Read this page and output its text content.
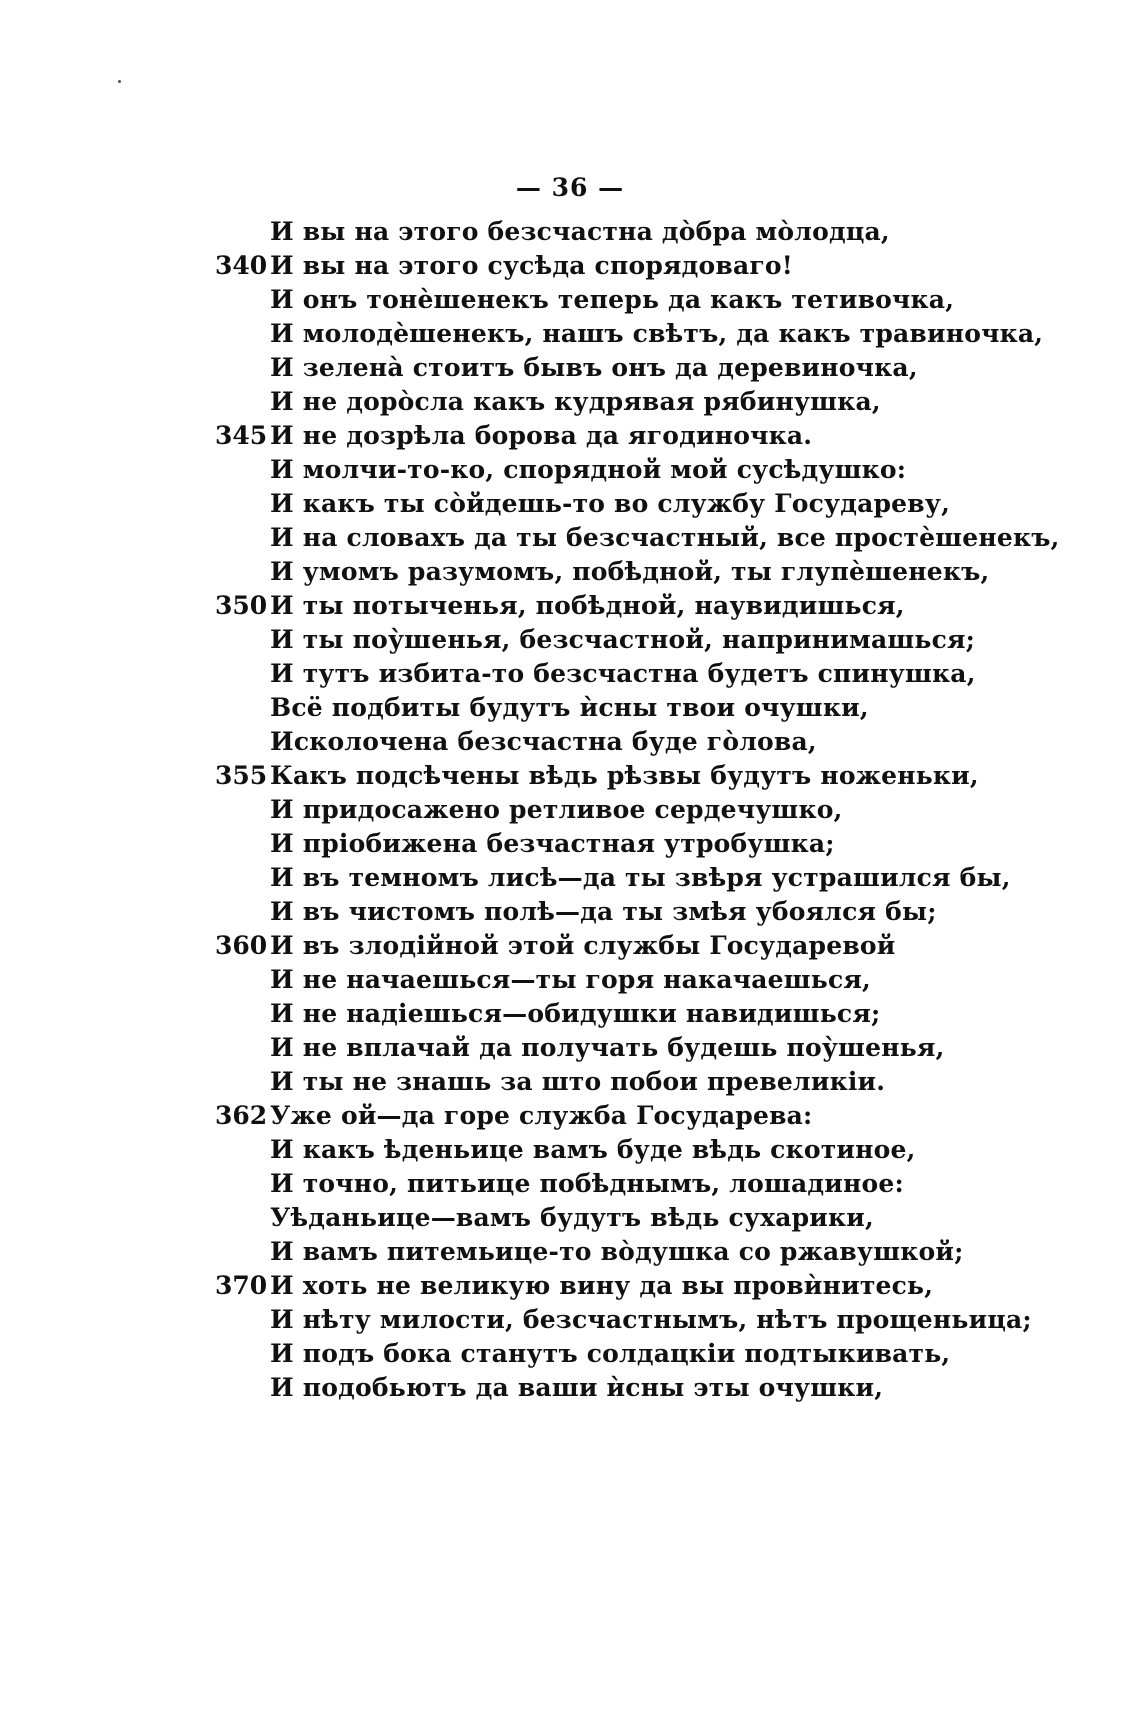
— 36 —
И вы на этого безсчастна дòбра мòлодца,
340 И вы на этого сусѣда спорядоваго!
И онъ тонѐшенекъ теперь да какъ тетивочка,
И молодѐшенекъ, нашъ свѣтъ, да какъ травиночка,
И зеленà стоитъ бывъ онъ да деревиночка,
И не дорòсла какъ кудрявая рябинушка,
345 И не дозрѣла борова да ягодиночка.
И молчи-то-ко, спорядной мой сусѣдушко:
И какъ ты сòйдешь-то во службу Государеву,
И на словахъ да ты безсчастный, все простѐшенекъ,
И умомъ разумомъ, побѣдной, ты глупѐшенекъ,
350 И ты потыченья, побѣдной, наувидишься,
И ты поу̀шенья, безсчастной, напринимашься;
И тутъ избита-то безсчастна будетъ спинушка,
Всё подбиты будутъ ѝсны твои очушки,
Исколочена безсчастна буде гòлова,
355 Какъ подсѣчены вѣдь рѣзвы будутъ ноженьки,
И придосажено ретливое сердечушко,
И пріобижена безчастная утробушка;
И въ темномъ лисѣ—да ты звѣря устрашился бы,
И въ чистомъ полѣ—да ты змѣя убоялся бы;
360 И въ злодійной этой службы Государевой
И не начаешься—ты горя накачаешься,
И не надіешься—обидушки навидишься;
И не вплачай да получать будешь поу̀шенья,
И ты не знашь за што побои превеликіи.
362 Уже ой—да горе служба Государева:
И какъ ѣденьице вамъ буде вѣдь скотиное,
И точно, питьице побѣднымъ, лошадиное:
Уѣданьице—вамъ будутъ вѣдь сухарики,
И вамъ питемьице-то вòдушка со ржавушкой;
370 И хоть не великую вину да вы провѝнитесь,
И нѣту милости, безсчастнымъ, нѣтъ прощеньица;
И подъ бока станутъ солдацкіи подтыкивать,
И подобьютъ да ваши ѝсны эты очушки,
